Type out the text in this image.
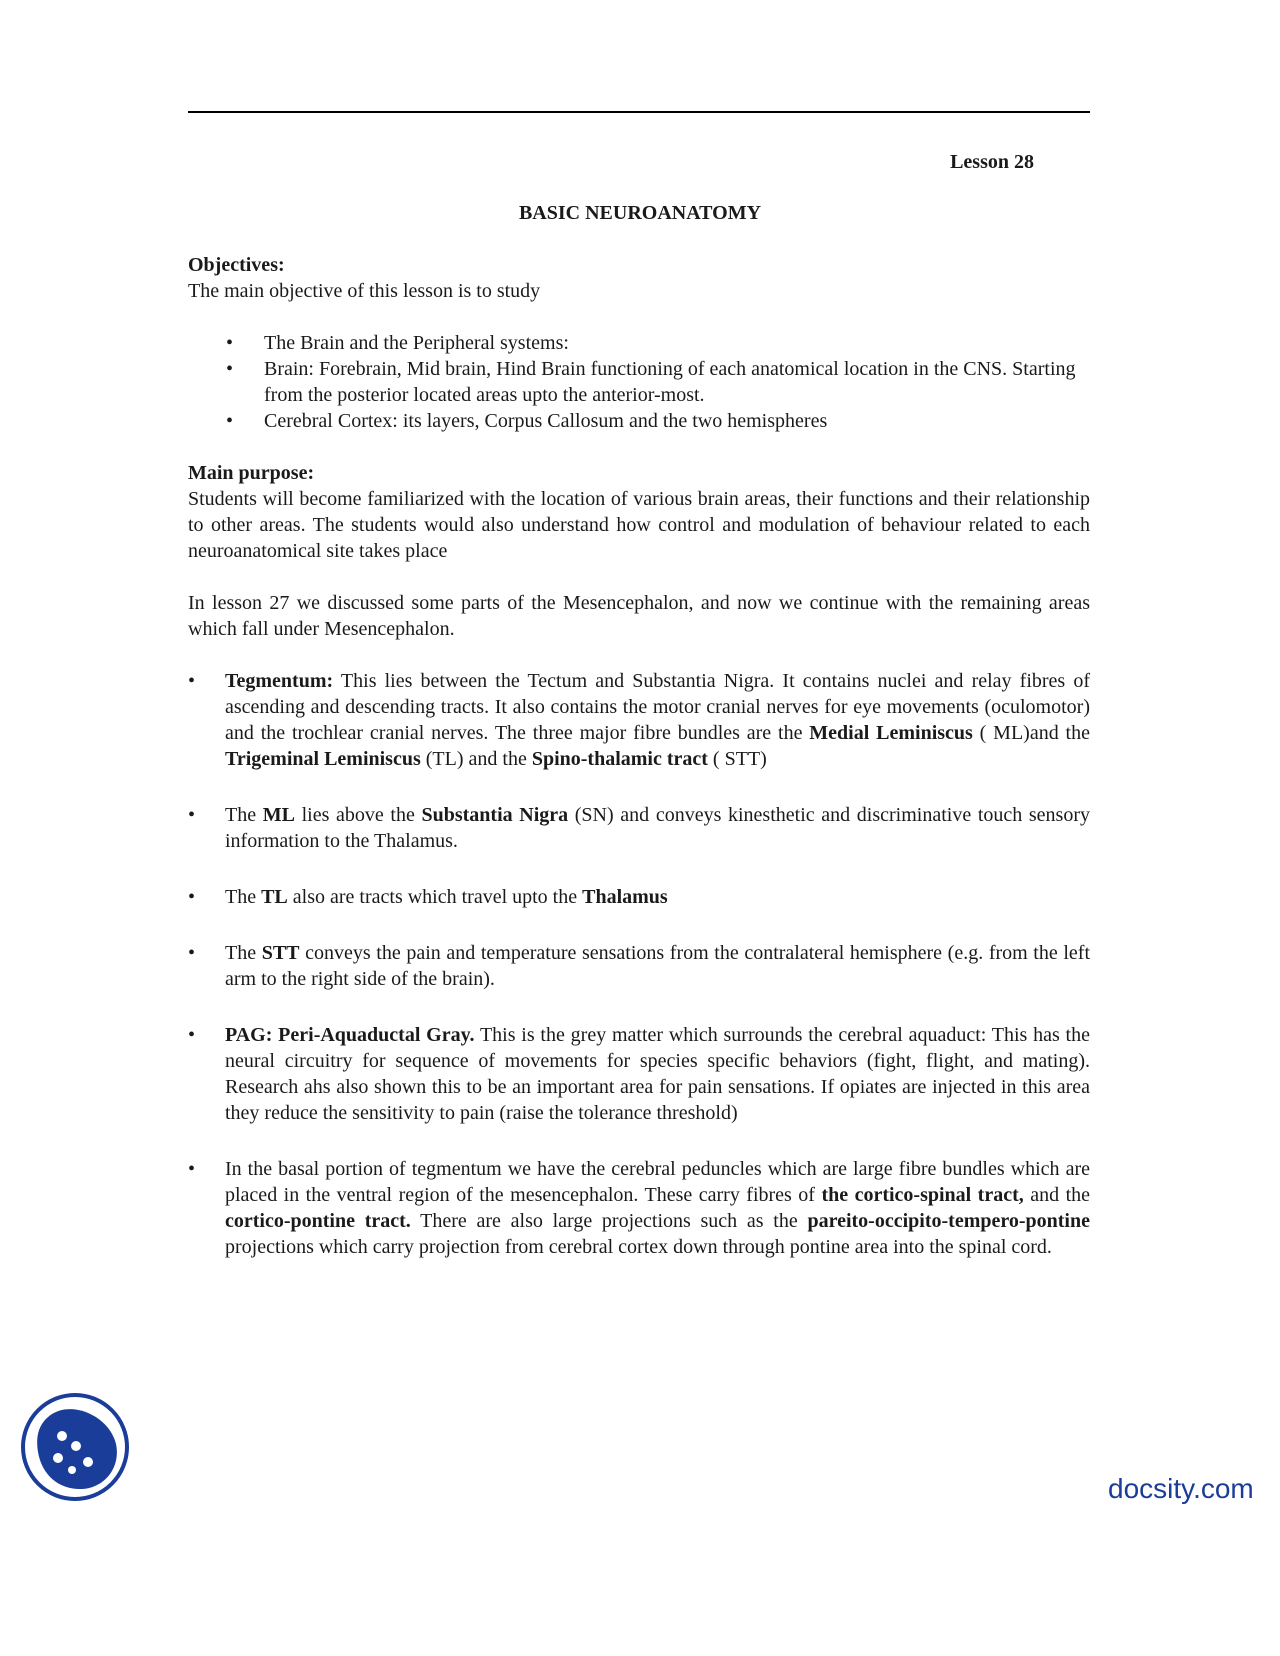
Lesson 28
BASIC NEUROANATOMY
Objectives:

The main objective of this lesson is to study

• The Brain and the Peripheral systems:
• Brain: Forebrain, Mid brain, Hind Brain functioning of each anatomical location in the CNS. Starting from the posterior located areas upto the anterior-most.
• Cerebral Cortex: its layers, Corpus Callosum and the two hemispheres
Main purpose:

Students will become familiarized with the location of various brain areas, their functions and their relationship to other areas. The students would also understand how control and modulation of behaviour related to each neuroanatomical site takes place

In lesson 27 we discussed some parts of the Mesencephalon, and now we continue with the remaining areas which fall under Mesencephalon.

• Tegmentum: This lies between the Tectum and Substantia Nigra. It contains nuclei and relay fibres of ascending and descending tracts. It also contains the motor cranial nerves for eye movements (oculomotor) and the trochlear cranial nerves. The three major fibre bundles are the Medial Leminiscus ( ML)and the Trigeminal Leminiscus (TL) and the Spino-thalamic tract ( STT)
• The ML lies above the Substantia Nigra (SN) and conveys kinesthetic and discriminative touch sensory information to the Thalamus.
• The TL also are tracts which travel upto the Thalamus
• The STT conveys the pain and temperature sensations from the contralateral hemisphere (e.g. from the left arm to the right side of the brain).
• PAG: Peri-Aquaductal Gray. This is the grey matter which surrounds the cerebral aquaduct: This has the neural circuitry for sequence of movements for species specific behaviors (fight, flight, and mating). Research ahs also shown this to be an important area for pain sensations. If opiates are injected in this area they reduce the sensitivity to pain (raise the tolerance threshold)
• In the basal portion of tegmentum we have the cerebral peduncles which are large fibre bundles which are placed in the ventral region of the mesencephalon. These carry fibres of the cortico-spinal tract, and the cortico-pontine tract. There are also large projections such as the pareito-occipito-tempero-pontine projections which carry projection from cerebral cortex down through pontine area into the spinal cord.
docsity.com
